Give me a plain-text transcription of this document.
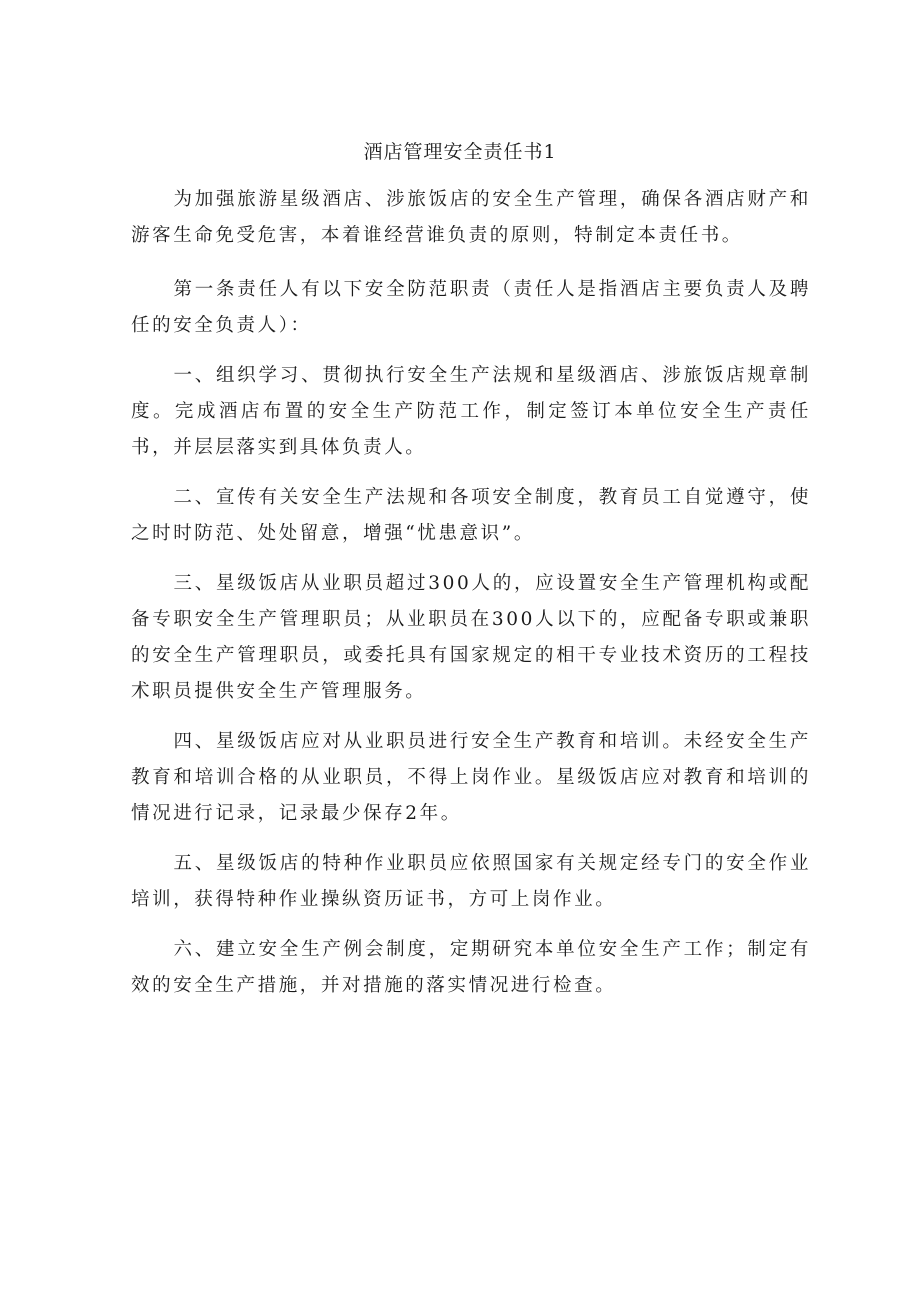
酒店管理安全责任书1

为加强旅游星级酒店、涉旅饭店的安全生产管理，确保各酒店财产和游客生命免受危害，本着谁经营谁负责的原则，特制定本责任书。

第一条责任人有以下安全防范职责（责任人是指酒店主要负责人及聘任的安全负责人）：

一、组织学习、贯彻执行安全生产法规和星级酒店、涉旅饭店规章制度。完成酒店布置的安全生产防范工作，制定签订本单位安全生产责任书，并层层落实到具体负责人。

二、宣传有关安全生产法规和各项安全制度，教育员工自觉遵守，使之时时防范、处处留意，增强“忧患意识”。

三、星级饭店从业职员超过300人的，应设置安全生产管理机构或配备专职安全生产管理职员；从业职员在300人以下的，应配备专职或兼职的安全生产管理职员，或委托具有国家规定的相干专业技术资历的工程技术职员提供安全生产管理服务。

四、星级饭店应对从业职员进行安全生产教育和培训。未经安全生产教育和培训合格的从业职员，不得上岗作业。星级饭店应对教育和培训的情况进行记录，记录最少保存2年。

五、星级饭店的特种作业职员应依照国家有关规定经专门的安全作业培训，获得特种作业操纵资历证书，方可上岗作业。

六、建立安全生产例会制度，定期研究本单位安全生产工作；制定有效的安全生产措施，并对措施的落实情况进行检查。
